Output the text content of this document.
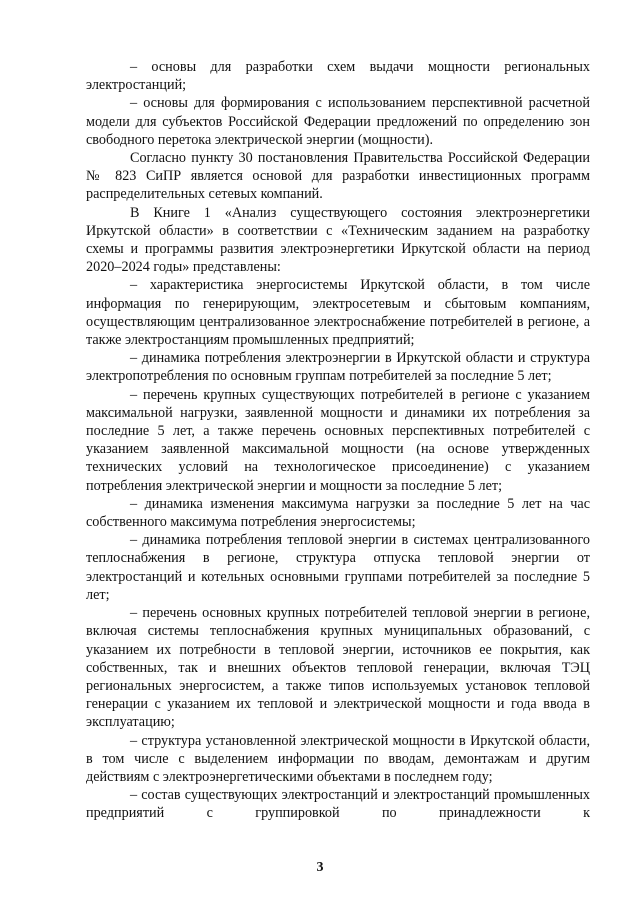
– основы для разработки схем выдачи мощности региональных электростанций;

– основы для формирования с использованием перспективной расчетной модели для субъектов Российской Федерации предложений по определению зон свободного перетока электрической энергии (мощности).

Согласно пункту 30 постановления Правительства Российской Федерации № 823 СиПР является основой для разработки инвестиционных программ распределительных сетевых компаний.

В Книге 1 «Анализ существующего состояния электроэнергетики Иркутской области» в соответствии с «Техническим заданием на разработку схемы и программы развития электроэнергетики Иркутской области на период 2020–2024 годы» представлены:

– характеристика энергосистемы Иркутской области, в том числе информация по генерирующим, электросетевым и сбытовым компаниям, осуществляющим централизованное электроснабжение потребителей в регионе, а также электростанциям промышленных предприятий;

– динамика потребления электроэнергии в Иркутской области и структура электропотребления по основным группам потребителей за последние 5 лет;

– перечень крупных существующих потребителей в регионе с указанием максимальной нагрузки, заявленной мощности и динамики их потребления за последние 5 лет, а также перечень основных перспективных потребителей с указанием заявленной максимальной мощности (на основе утвержденных технических условий на технологическое присоединение) с указанием потребления электрической энергии и мощности за последние 5 лет;

– динамика изменения максимума нагрузки за последние 5 лет на час собственного максимума потребления энергосистемы;

– динамика потребления тепловой энергии в системах централизованного теплоснабжения в регионе, структура отпуска тепловой энергии от электростанций и котельных основными группами потребителей за последние 5 лет;

– перечень основных крупных потребителей тепловой энергии в регионе, включая системы теплоснабжения крупных муниципальных образований, с указанием их потребности в тепловой энергии, источников ее покрытия, как собственных, так и внешних объектов тепловой генерации, включая ТЭЦ региональных энергосистем, а также типов используемых установок тепловой генерации с указанием их тепловой и электрической мощности и года ввода в эксплуатацию;

– структура установленной электрической мощности в Иркутской области, в том числе с выделением информации по вводам, демонтажам и другим действиям с электроэнергетическими объектами в последнем году;

– состав существующих электростанций и электростанций промышленных предприятий с группировкой по принадлежности к

3
